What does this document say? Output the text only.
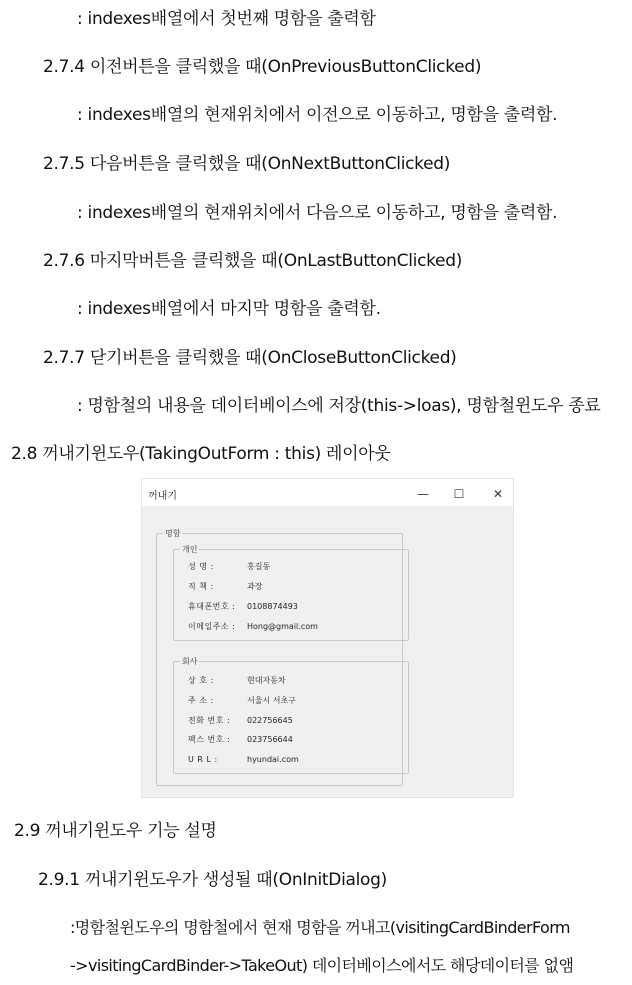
: indexes배열에서 첫번째 명함을 출력함
2.7.4 이전버튼을 클릭했을 때(OnPreviousButtonClicked)
: indexes배열의 현재위치에서 이전으로 이동하고, 명함을 출력함.
2.7.5 다음버튼을 클릭했을 때(OnNextButtonClicked)
: indexes배열의 현재위치에서 다음으로 이동하고, 명함을 출력함.
2.7.6 마지막버튼을 클릭했을 때(OnLastButtonClicked)
: indexes배열에서 마지막 명함을 출력함.
2.7.7 닫기버튼을 클릭했을 때(OnCloseButtonClicked)
: 명함철의 내용을 데이터베이스에 저장(this->loas), 명함철윈도우 종료
2.8 꺼내기윈도우(TakingOutForm : this) 레이아웃
꺼내기	—	☐	✕
명함
개인
성 명 :	홍길동
직 책 :	과장
휴대폰번호 :	0108874493
이메일주소 :	Hong@gmail.com
회사
상 호 :	현대자동차
주 소 :	서울시 서초구
전화 번호 :	022756645
팩스 번호 :	023756644
U R L :	hyundai.com
2.9 꺼내기윈도우 기능 설명
2.9.1 꺼내기윈도우가 생성될 때(OnInitDialog)
:명함철윈도우의 명함철에서 현재 명함을 꺼내고(visitingCardBinderForm
->visitingCardBinder->TakeOut) 데이터베이스에서도 해당데이터를 없앰
